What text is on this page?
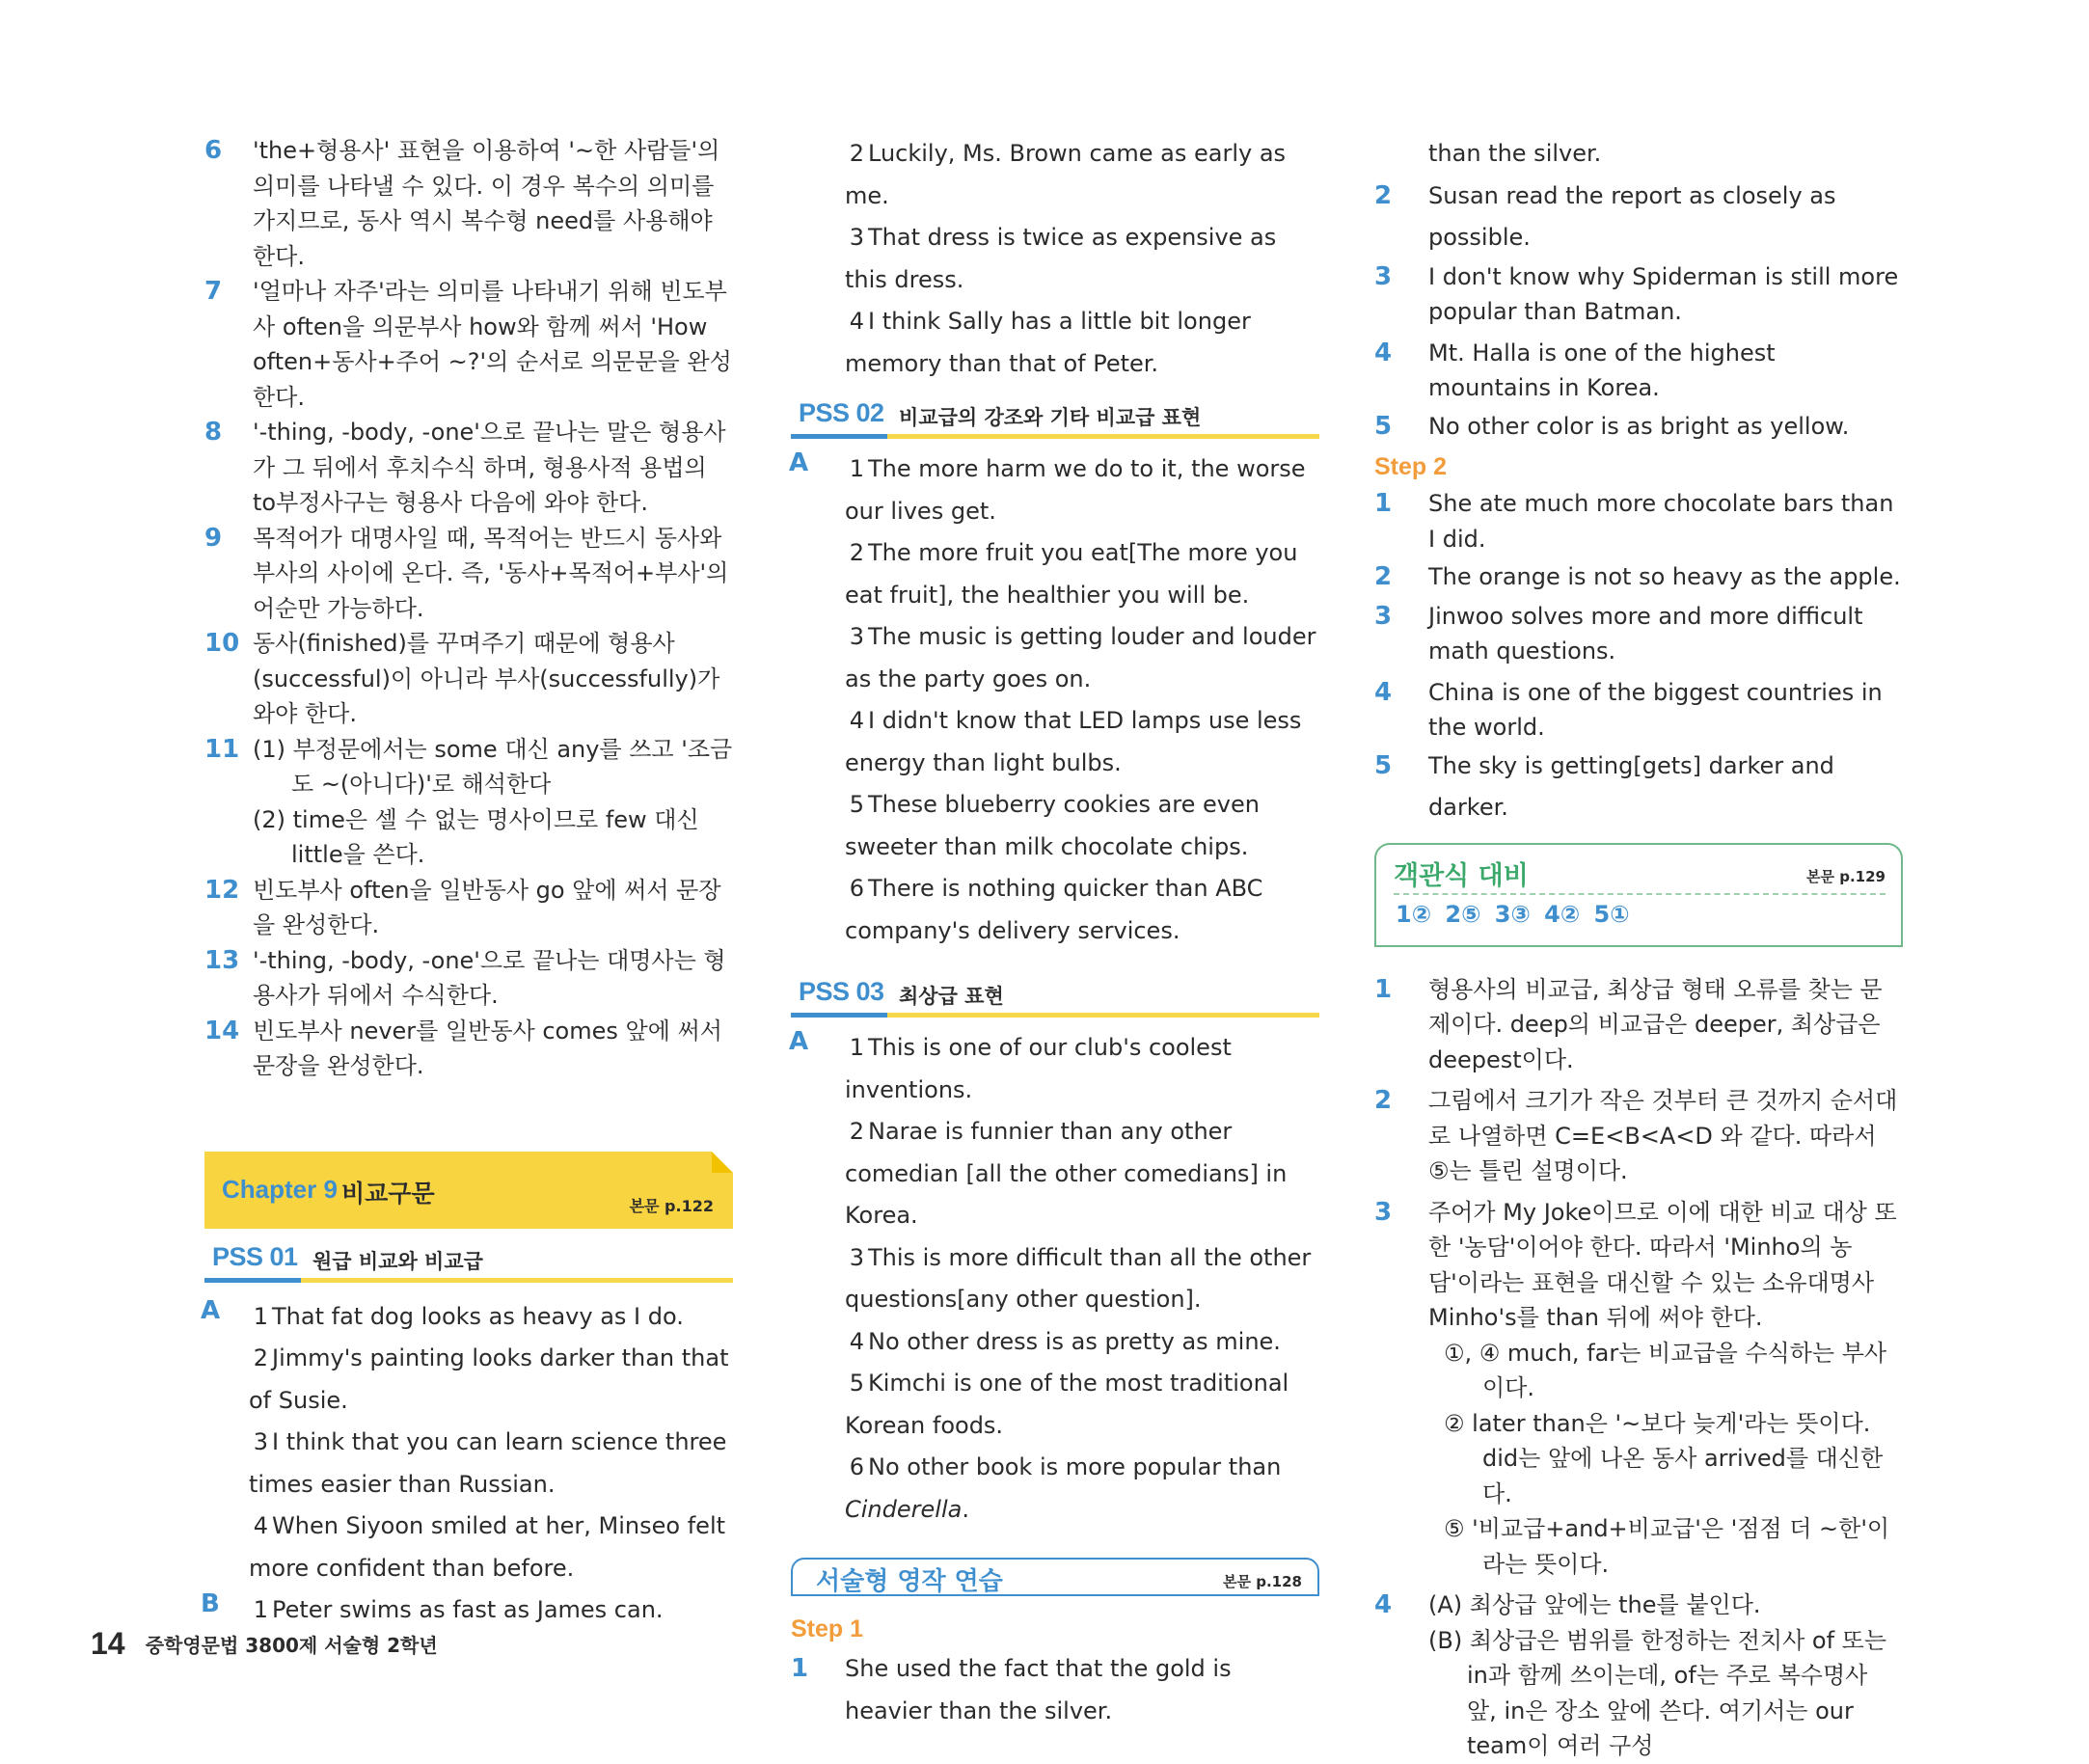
6 'the+형용사' 표현을 이용하여 '~한 사람들'의 의미를 나타낼 수 있다. 이 경우 복수의 의미를 가지므로, 동사 역시 복수형 need를 사용해야 한다.
7 '얼마나 자주'라는 의미를 나타내기 위해 빈도부사 often을 의문부사 how와 함께 써서 'How often+동사+주어 ~?'의 순서로 의문문을 완성한다.
8 '-thing, -body, -one'으로 끝나는 말은 형용사가 그 뒤에서 후치수식 하며, 형용사적 용법의 to부정사구는 형용사 다음에 와야 한다.
9 목적어가 대명사일 때, 목적어는 반드시 동사와 부사의 사이에 온다. 즉, '동사+목적어+부사'의 어순만 가능하다.
10 동사(finished)를 꾸며주기 때문에 형용사(successful)이 아니라 부사(successfully)가 와야 한다.
11 (1) 부정문에서는 some 대신 any를 쓰고 '조금도 ~(아니다)'로 해석한다
(2) time은 셀 수 없는 명사이므로 few 대신 little을 쓴다.
12 빈도부사 often을 일반동사 go 앞에 써서 문장을 완성한다.
13 '-thing, -body, -one'으로 끝나는 대명사는 형용사가 뒤에서 수식한다.
14 빈도부사 never를 일반동사 comes 앞에 써서 문장을 완성한다.
Chapter 9 비교구문	본문 p.122
PSS 01 원급 비교와 비교급
A 1 That fat dog looks as heavy as I do.
2 Jimmy's painting looks darker than that of Susie.
3 I think that you can learn science three times easier than Russian.
4 When Siyoon smiled at her, Minseo felt more confident than before.
B 1 Peter swims as fast as James can.
2 Luckily, Ms. Brown came as early as me.
3 That dress is twice as expensive as this dress.
4 I think Sally has a little bit longer memory than that of Peter.
PSS 02 비교급의 강조와 기타 비교급 표현
A 1 The more harm we do to it, the worse our lives get.
2 The more fruit you eat[The more you eat fruit], the healthier you will be.
3 The music is getting louder and louder as the party goes on.
4 I didn't know that LED lamps use less energy than light bulbs.
5 These blueberry cookies are even sweeter than milk chocolate chips.
6 There is nothing quicker than ABC company's delivery services.
PSS 03 최상급 표현
A 1 This is one of our club's coolest inventions.
2 Narae is funnier than any other comedian [all the other comedians] in Korea.
3 This is more difficult than all the other questions[any other question].
4 No other dress is as pretty as mine.
5 Kimchi is one of the most traditional Korean foods.
6 No other book is more popular than Cinderella.
서술형 영작 연습	본문 p.128
Step 1
1 She used the fact that the gold is heavier than the silver.
than the silver.
2 Susan read the report as closely as possible.
3 I don't know why Spiderman is still more popular than Batman.
4 Mt. Halla is one of the highest mountains in Korea.
5 No other color is as bright as yellow.
Step 2
1 She ate much more chocolate bars than I did.
2 The orange is not so heavy as the apple.
3 Jinwoo solves more and more difficult math questions.
4 China is one of the biggest countries in the world.
5 The sky is getting[gets] darker and darker.
객관식 대비	본문 p.129
1② 2⑤ 3③ 4② 5①
1 형용사의 비교급, 최상급 형태 오류를 찾는 문제이다. deep의 비교급은 deeper, 최상급은 deepest이다.
2 그림에서 크기가 작은 것부터 큰 것까지 순서대로 나열하면 C=E<B<A<D 와 같다. 따라서 ⑤는 틀린 설명이다.
3 주어가 My Joke이므로 이에 대한 비교 대상 또한 '농담'이어야 한다. 따라서 'Minho의 농담'이라는 표현을 대신할 수 있는 소유대명사 Minho's를 than 뒤에 써야 한다.
①, ④ much, far는 비교급을 수식하는 부사이다.
② later than은 '~보다 늦게'라는 뜻이다. did는 앞에 나온 동사 arrived를 대신한다.
⑤ '비교급+and+비교급'은 '점점 더 ~한'이라는 뜻이다.
4 (A) 최상급 앞에는 the를 붙인다.
(B) 최상급은 범위를 한정하는 전치사 of 또는 in과 함께 쓰이는데, of는 주로 복수명사 앞, in은 장소 앞에 쓴다. 여기서는 our team이 여러 구성
14 중학영문법 3800제 서술형 2학년
